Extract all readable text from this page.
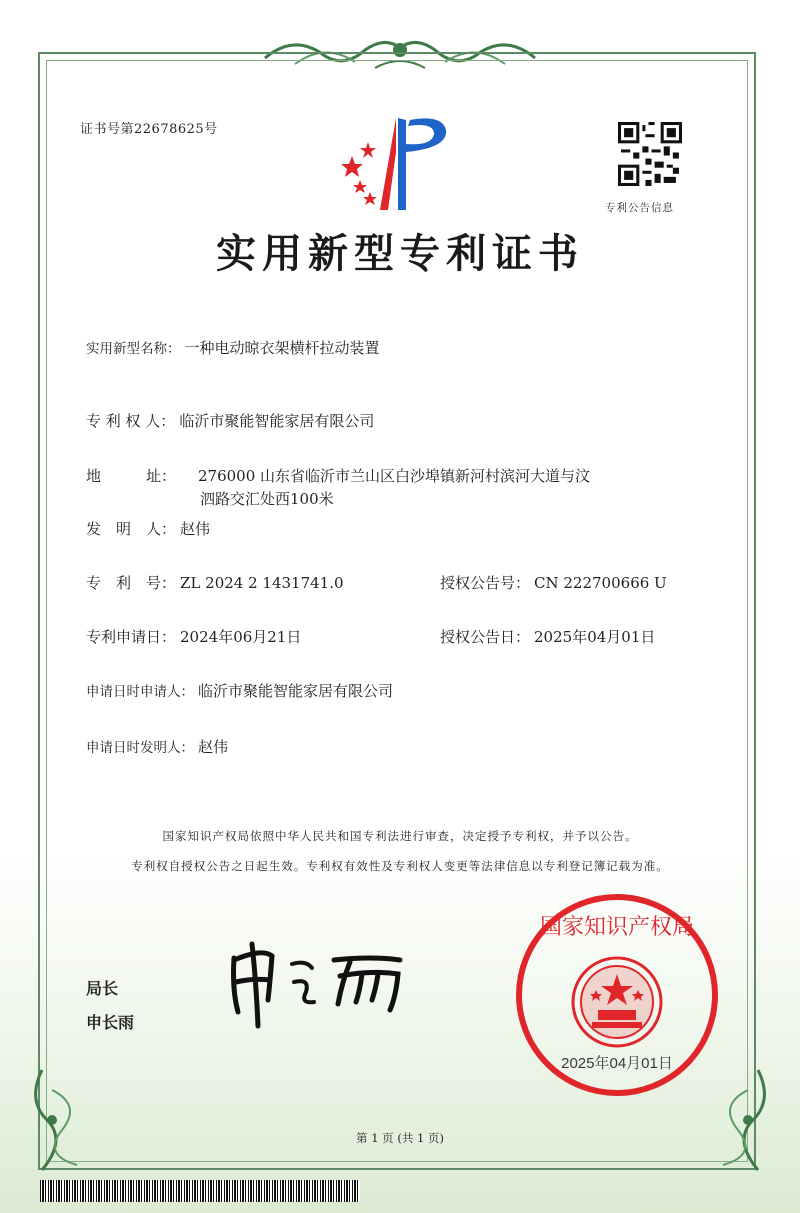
证书号第22678625号
专利公告信息
实用新型专利证书
实用新型名称： 一种电动晾衣架横杆拉动装置
专 利 权 人： 临沂市聚能智能家居有限公司
地　　　址： 276000 山东省临沂市兰山区白沙埠镇新河村滨河大道与汶
泗路交汇处西100米
发　明　人： 赵伟
专　利　号： ZL 2024 2 1431741.0	授权公告号： CN 222700666 U
专利申请日： 2024年06月21日	授权公告日： 2025年04月01日
申请日时申请人： 临沂市聚能智能家居有限公司
申请日时发明人： 赵伟
国家知识产权局依照中华人民共和国专利法进行审查，决定授予专利权，并予以公告。
专利权自授权公告之日起生效。专利权有效性及专利权人变更等法律信息以专利登记簿记载为准。
局长
申长雨
国家知识产权局
2025年04月01日
第 1 页 (共 1 页)
